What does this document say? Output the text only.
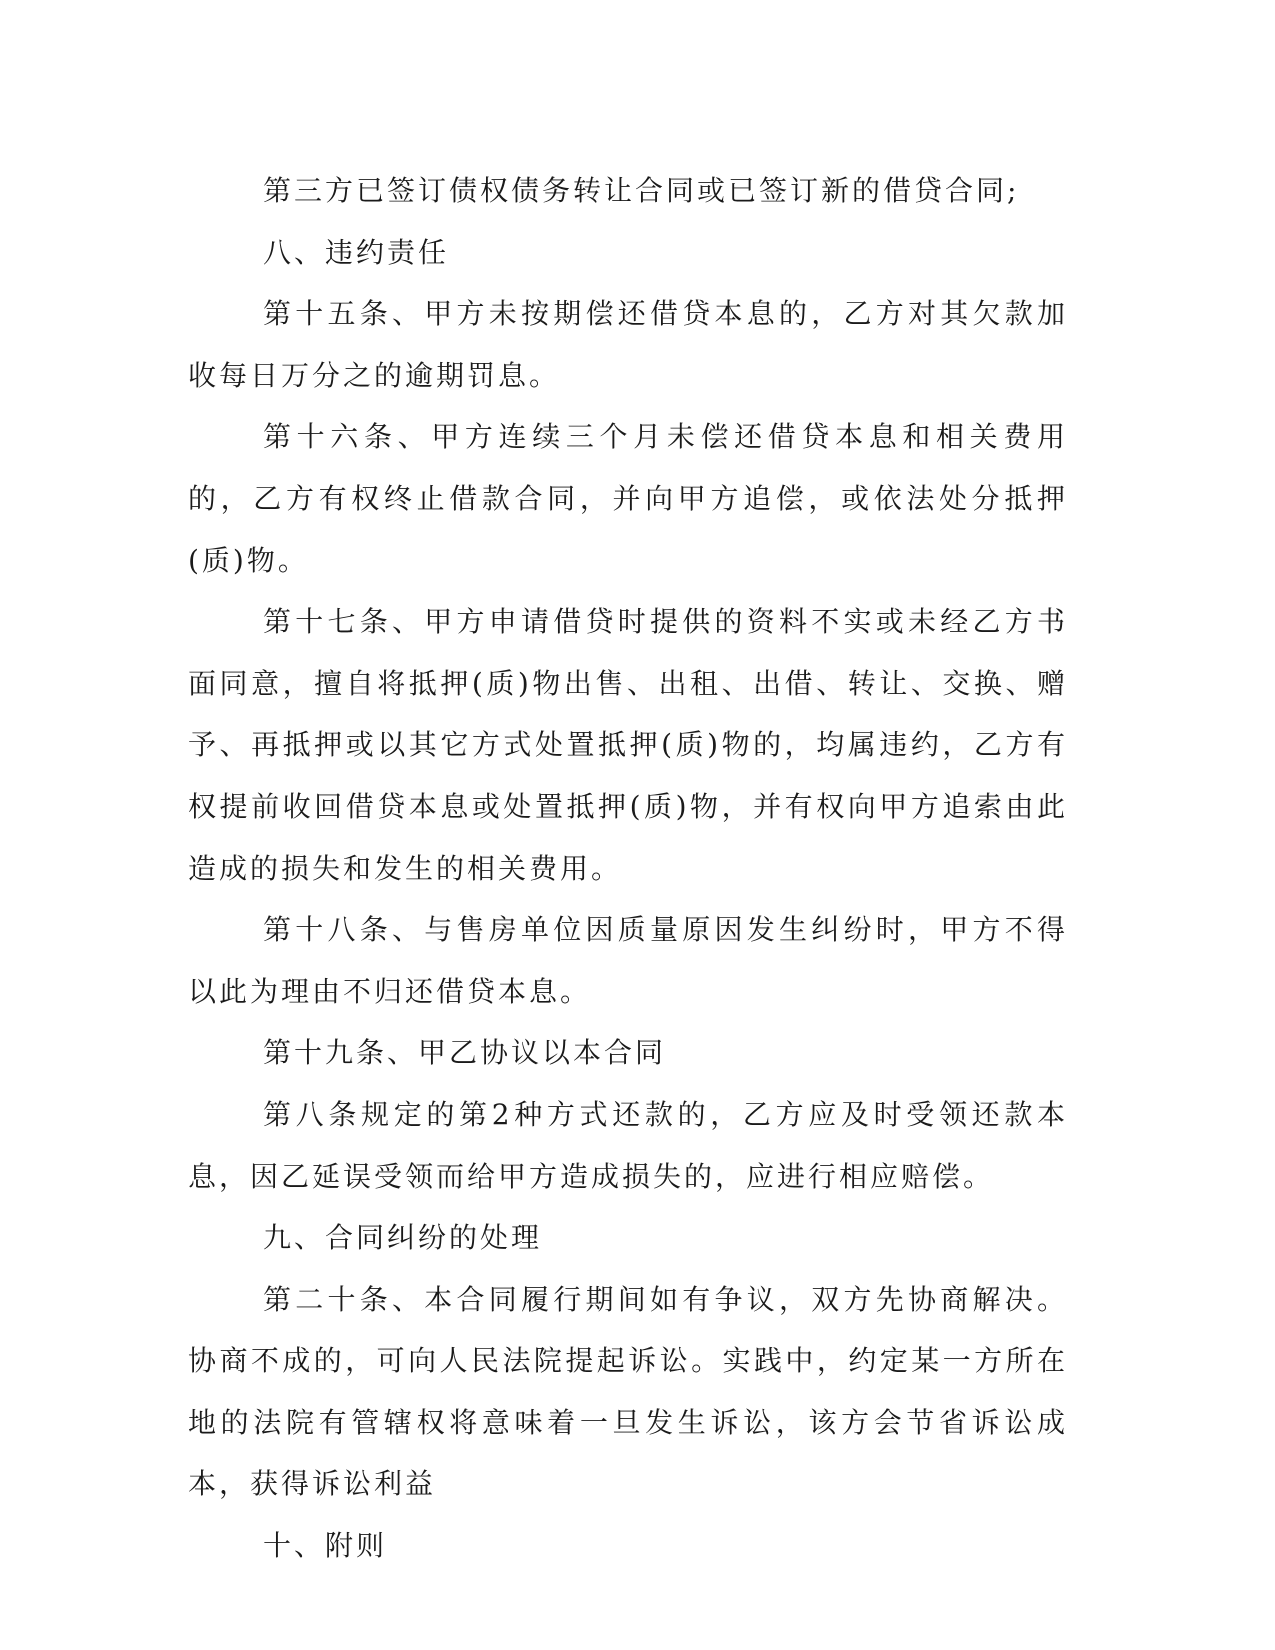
第三方已签订债权债务转让合同或已签订新的借贷合同;

八、违约责任

第十五条、甲方未按期偿还借贷本息的，乙方对其欠款加收每日万分之的逾期罚息。

第十六条、甲方连续三个月未偿还借贷本息和相关费用的，乙方有权终止借款合同，并向甲方追偿，或依法处分抵押(质)物。

第十七条、甲方申请借贷时提供的资料不实或未经乙方书面同意，擅自将抵押(质)物出售、出租、出借、转让、交换、赠予、再抵押或以其它方式处置抵押(质)物的，均属违约，乙方有权提前收回借贷本息或处置抵押(质)物，并有权向甲方追索由此造成的损失和发生的相关费用。

第十八条、与售房单位因质量原因发生纠纷时，甲方不得以此为理由不归还借贷本息。

第十九条、甲乙协议以本合同

第八条规定的第2种方式还款的，乙方应及时受领还款本息，因乙延误受领而给甲方造成损失的，应进行相应赔偿。

九、合同纠纷的处理

第二十条、本合同履行期间如有争议，双方先协商解决。协商不成的，可向人民法院提起诉讼。实践中，约定某一方所在地的法院有管辖权将意味着一旦发生诉讼，该方会节省诉讼成本，获得诉讼利益

十、附则
